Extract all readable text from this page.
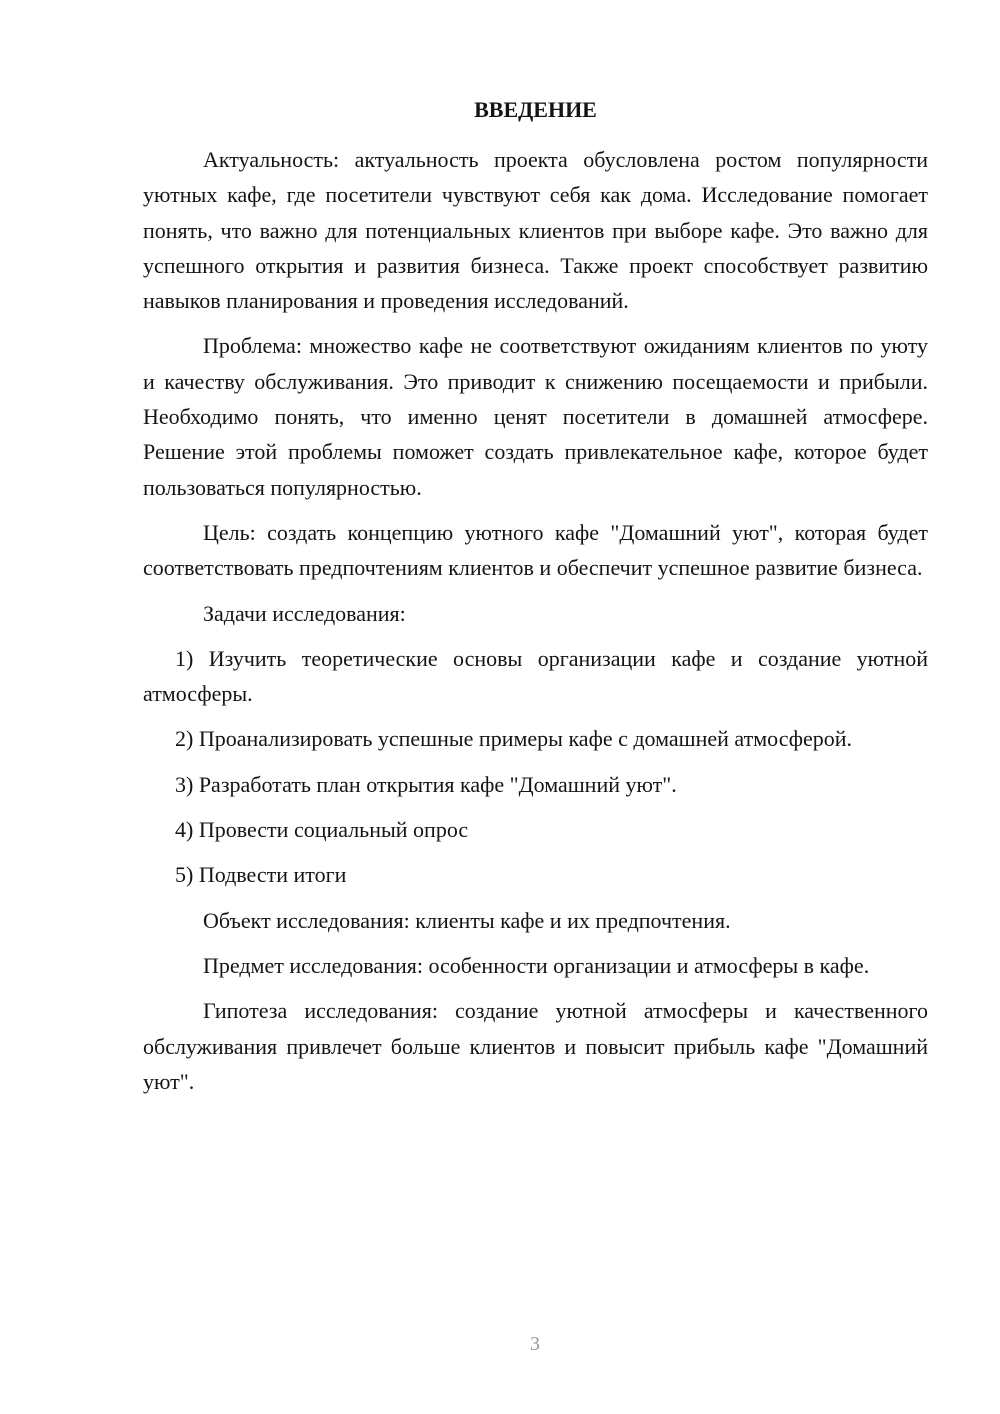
ВВЕДЕНИЕ

Актуальность: актуальность проекта обусловлена ростом популярности уютных кафе, где посетители чувствуют себя как дома. Исследование помогает понять, что важно для потенциальных клиентов при выборе кафе. Это важно для успешного открытия и развития бизнеса. Также проект способствует развитию навыков планирования и проведения исследований.

Проблема: множество кафе не соответствуют ожиданиям клиентов по уюту и качеству обслуживания. Это приводит к снижению посещаемости и прибыли. Необходимо понять, что именно ценят посетители в домашней атмосфере. Решение этой проблемы поможет создать привлекательное кафе, которое будет пользоваться популярностью.

Цель: создать концепцию уютного кафе "Домашний уют", которая будет соответствовать предпочтениям клиентов и обеспечит успешное развитие бизнеса.

Задачи исследования:

1) Изучить теоретические основы организации кафе и создание уютной атмосферы.

2) Проанализировать успешные примеры кафе с домашней атмосферой.

3) Разработать план открытия кафе "Домашний уют".

4) Провести социальный опрос

5) Подвести итоги

Объект исследования: клиенты кафе и их предпочтения.

Предмет исследования: особенности организации и атмосферы в кафе.

Гипотеза исследования: создание уютной атмосферы и качественного обслуживания привлечет больше клиентов и повысит прибыль кафе "Домашний уют".

3
